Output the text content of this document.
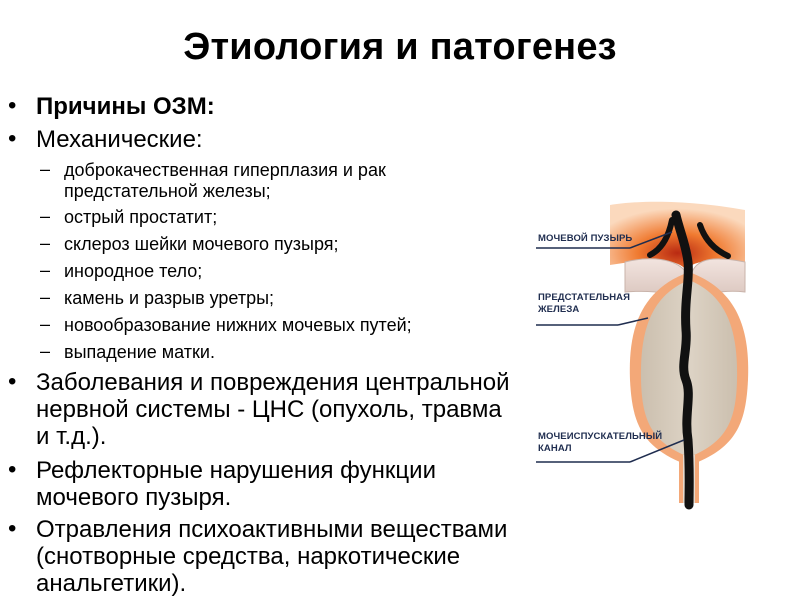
Этиология и патогенез
МОЧЕВОЙ ПУЗЫРЬ
ПРЕДСТАТЕЛЬНАЯ
ЖЕЛЕЗА
МОЧЕИСПУСКАТЕЛЬНЫЙ
КАНАЛ
• Причины ОЗМ:
• Механические:
– доброкачественная гиперплазия и рак
предстательной железы;
– острый простатит;
– склероз шейки мочевого пузыря;
– инородное тело;
– камень и разрыв уретры;
– новообразование нижних мочевых путей;
– выпадение матки.
• Заболевания и повреждения центральной
нервной системы - ЦНС (опухоль, травма
и т.д.).
• Рефлекторные нарушения функции
мочевого пузыря.
• Отравления психоактивными веществами
(снотворные средства, наркотические
анальгетики).
